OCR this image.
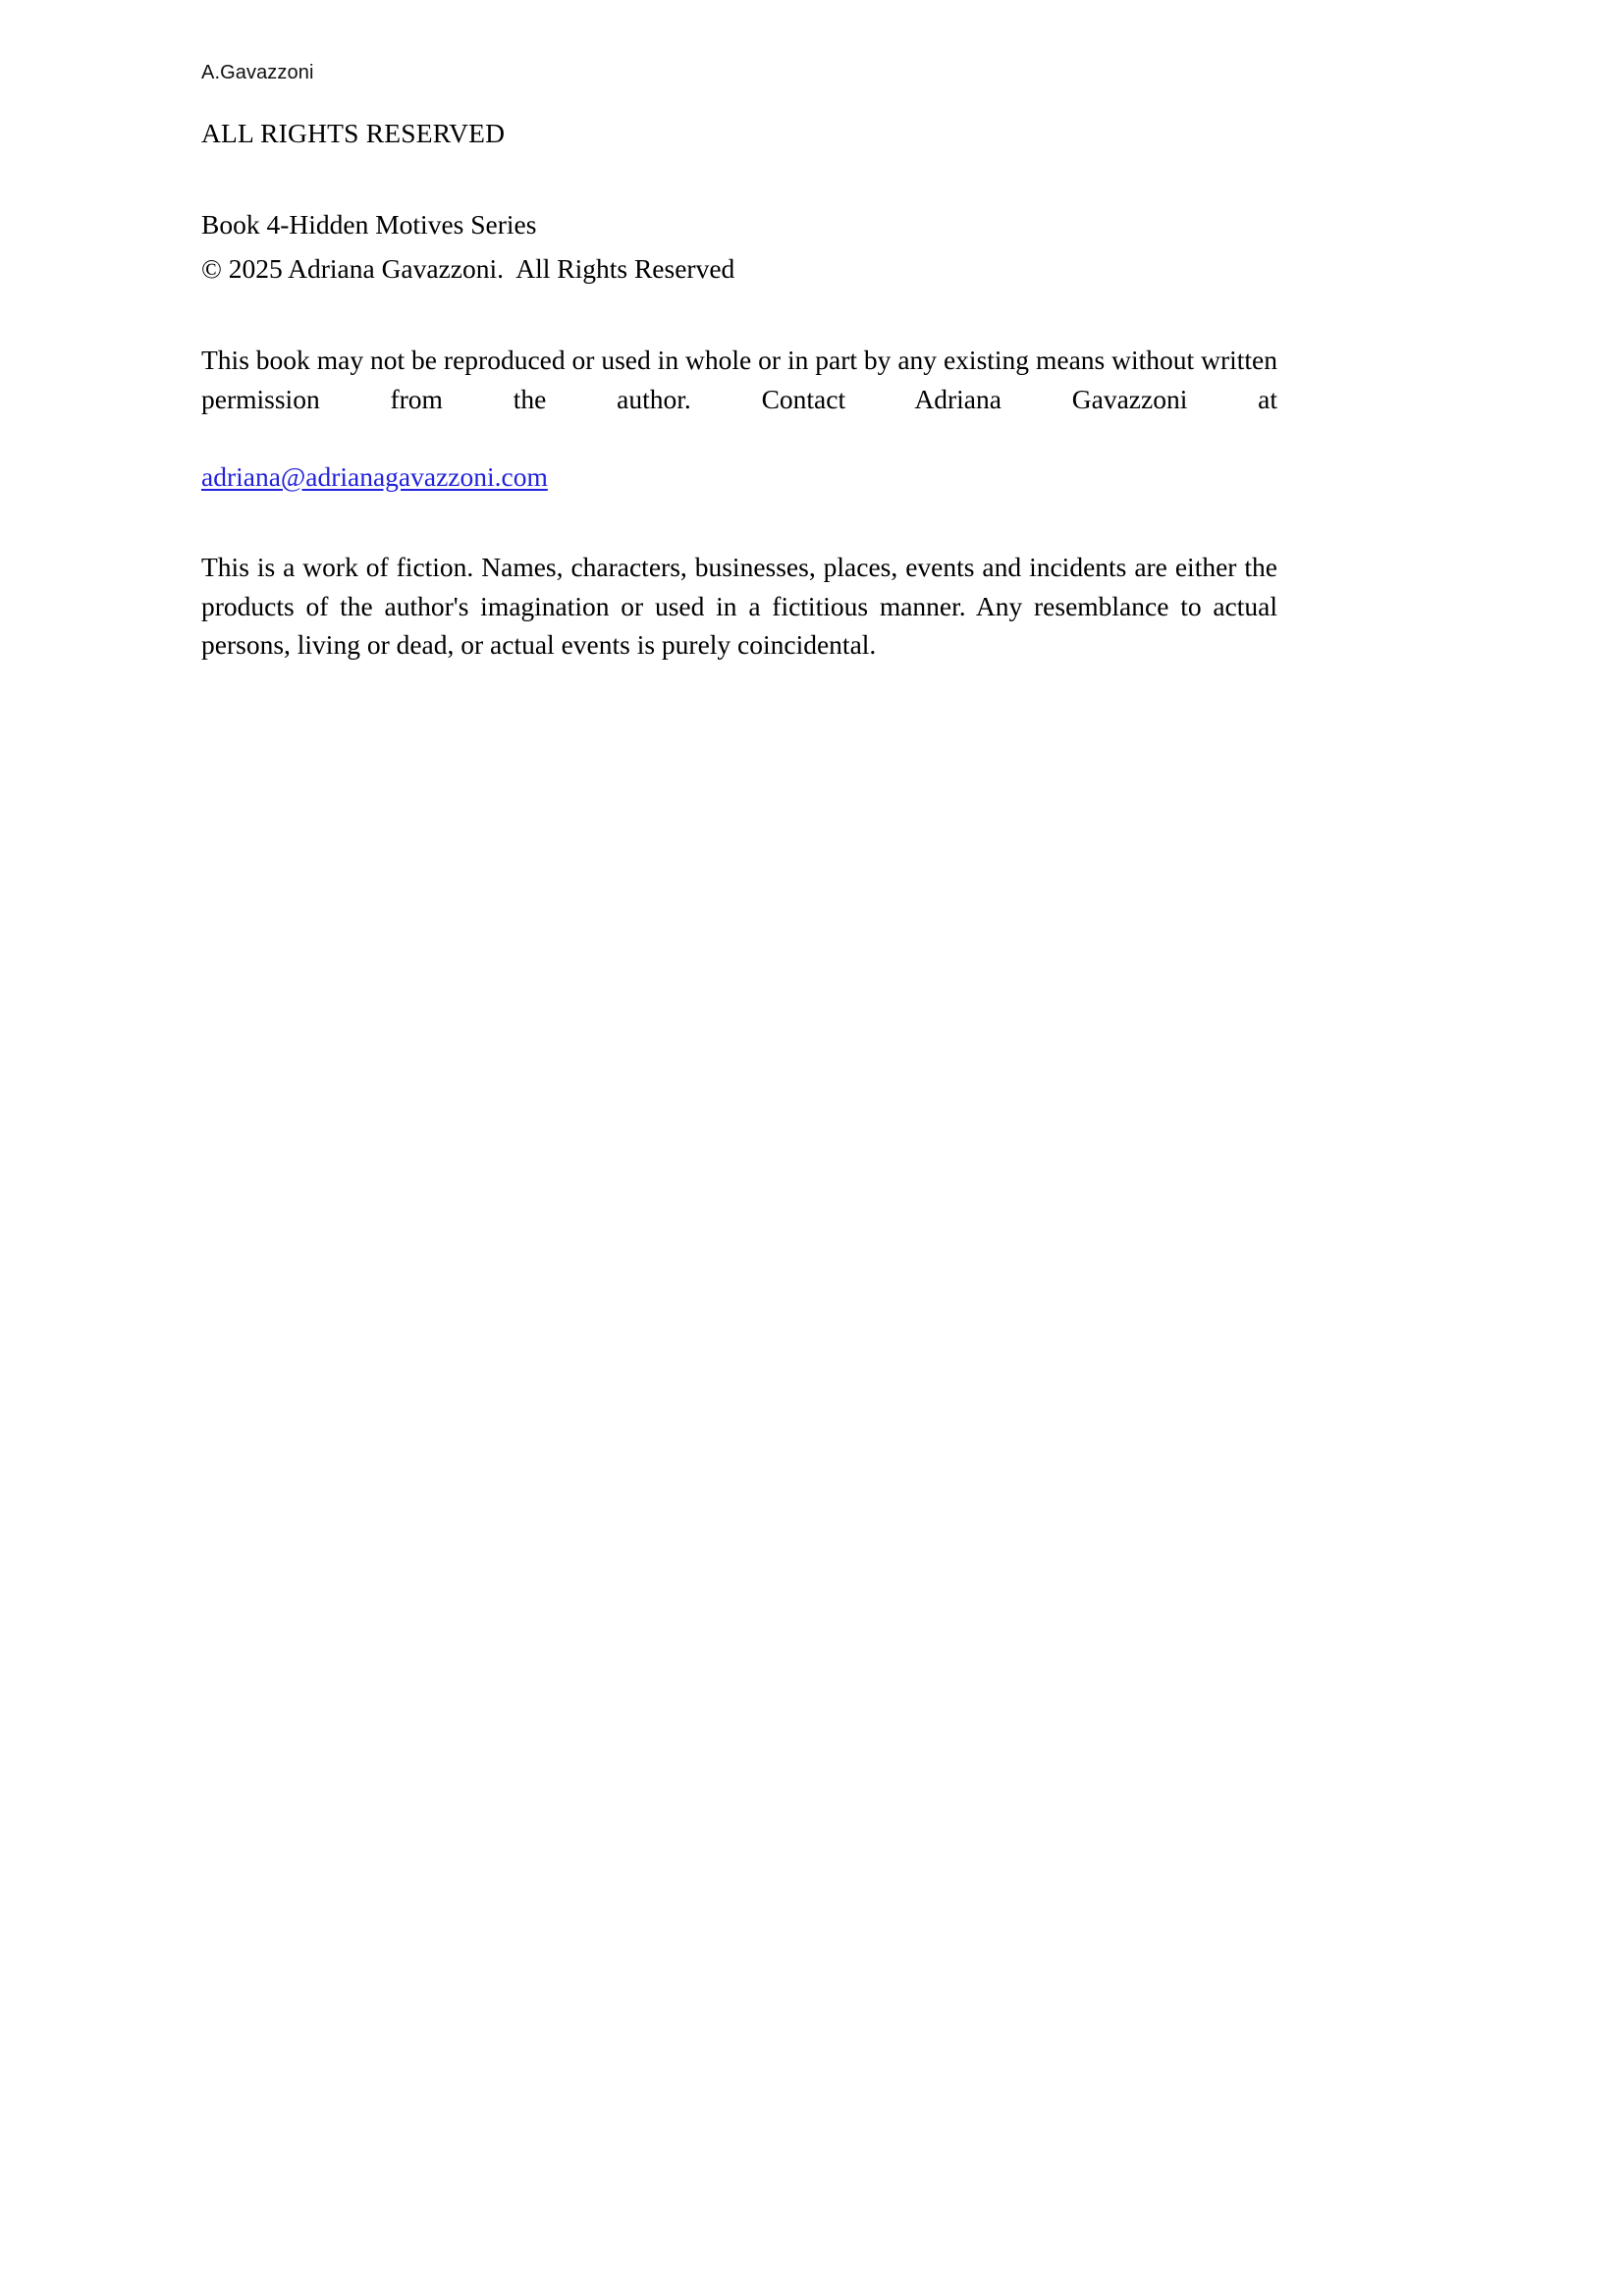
A.Gavazzoni
ALL RIGHTS RESERVED
Book 4-Hidden Motives Series
© 2025 Adriana Gavazzoni.  All Rights Reserved
This book may not be reproduced or used in whole or in part by any existing means without written permission from the author. Contact Adriana Gavazzoni at
adriana@adrianagavazzoni.com
This is a work of fiction. Names, characters, businesses, places, events and incidents are either the products of the author's imagination or used in a fictitious manner. Any resemblance to actual persons, living or dead, or actual events is purely coincidental.
